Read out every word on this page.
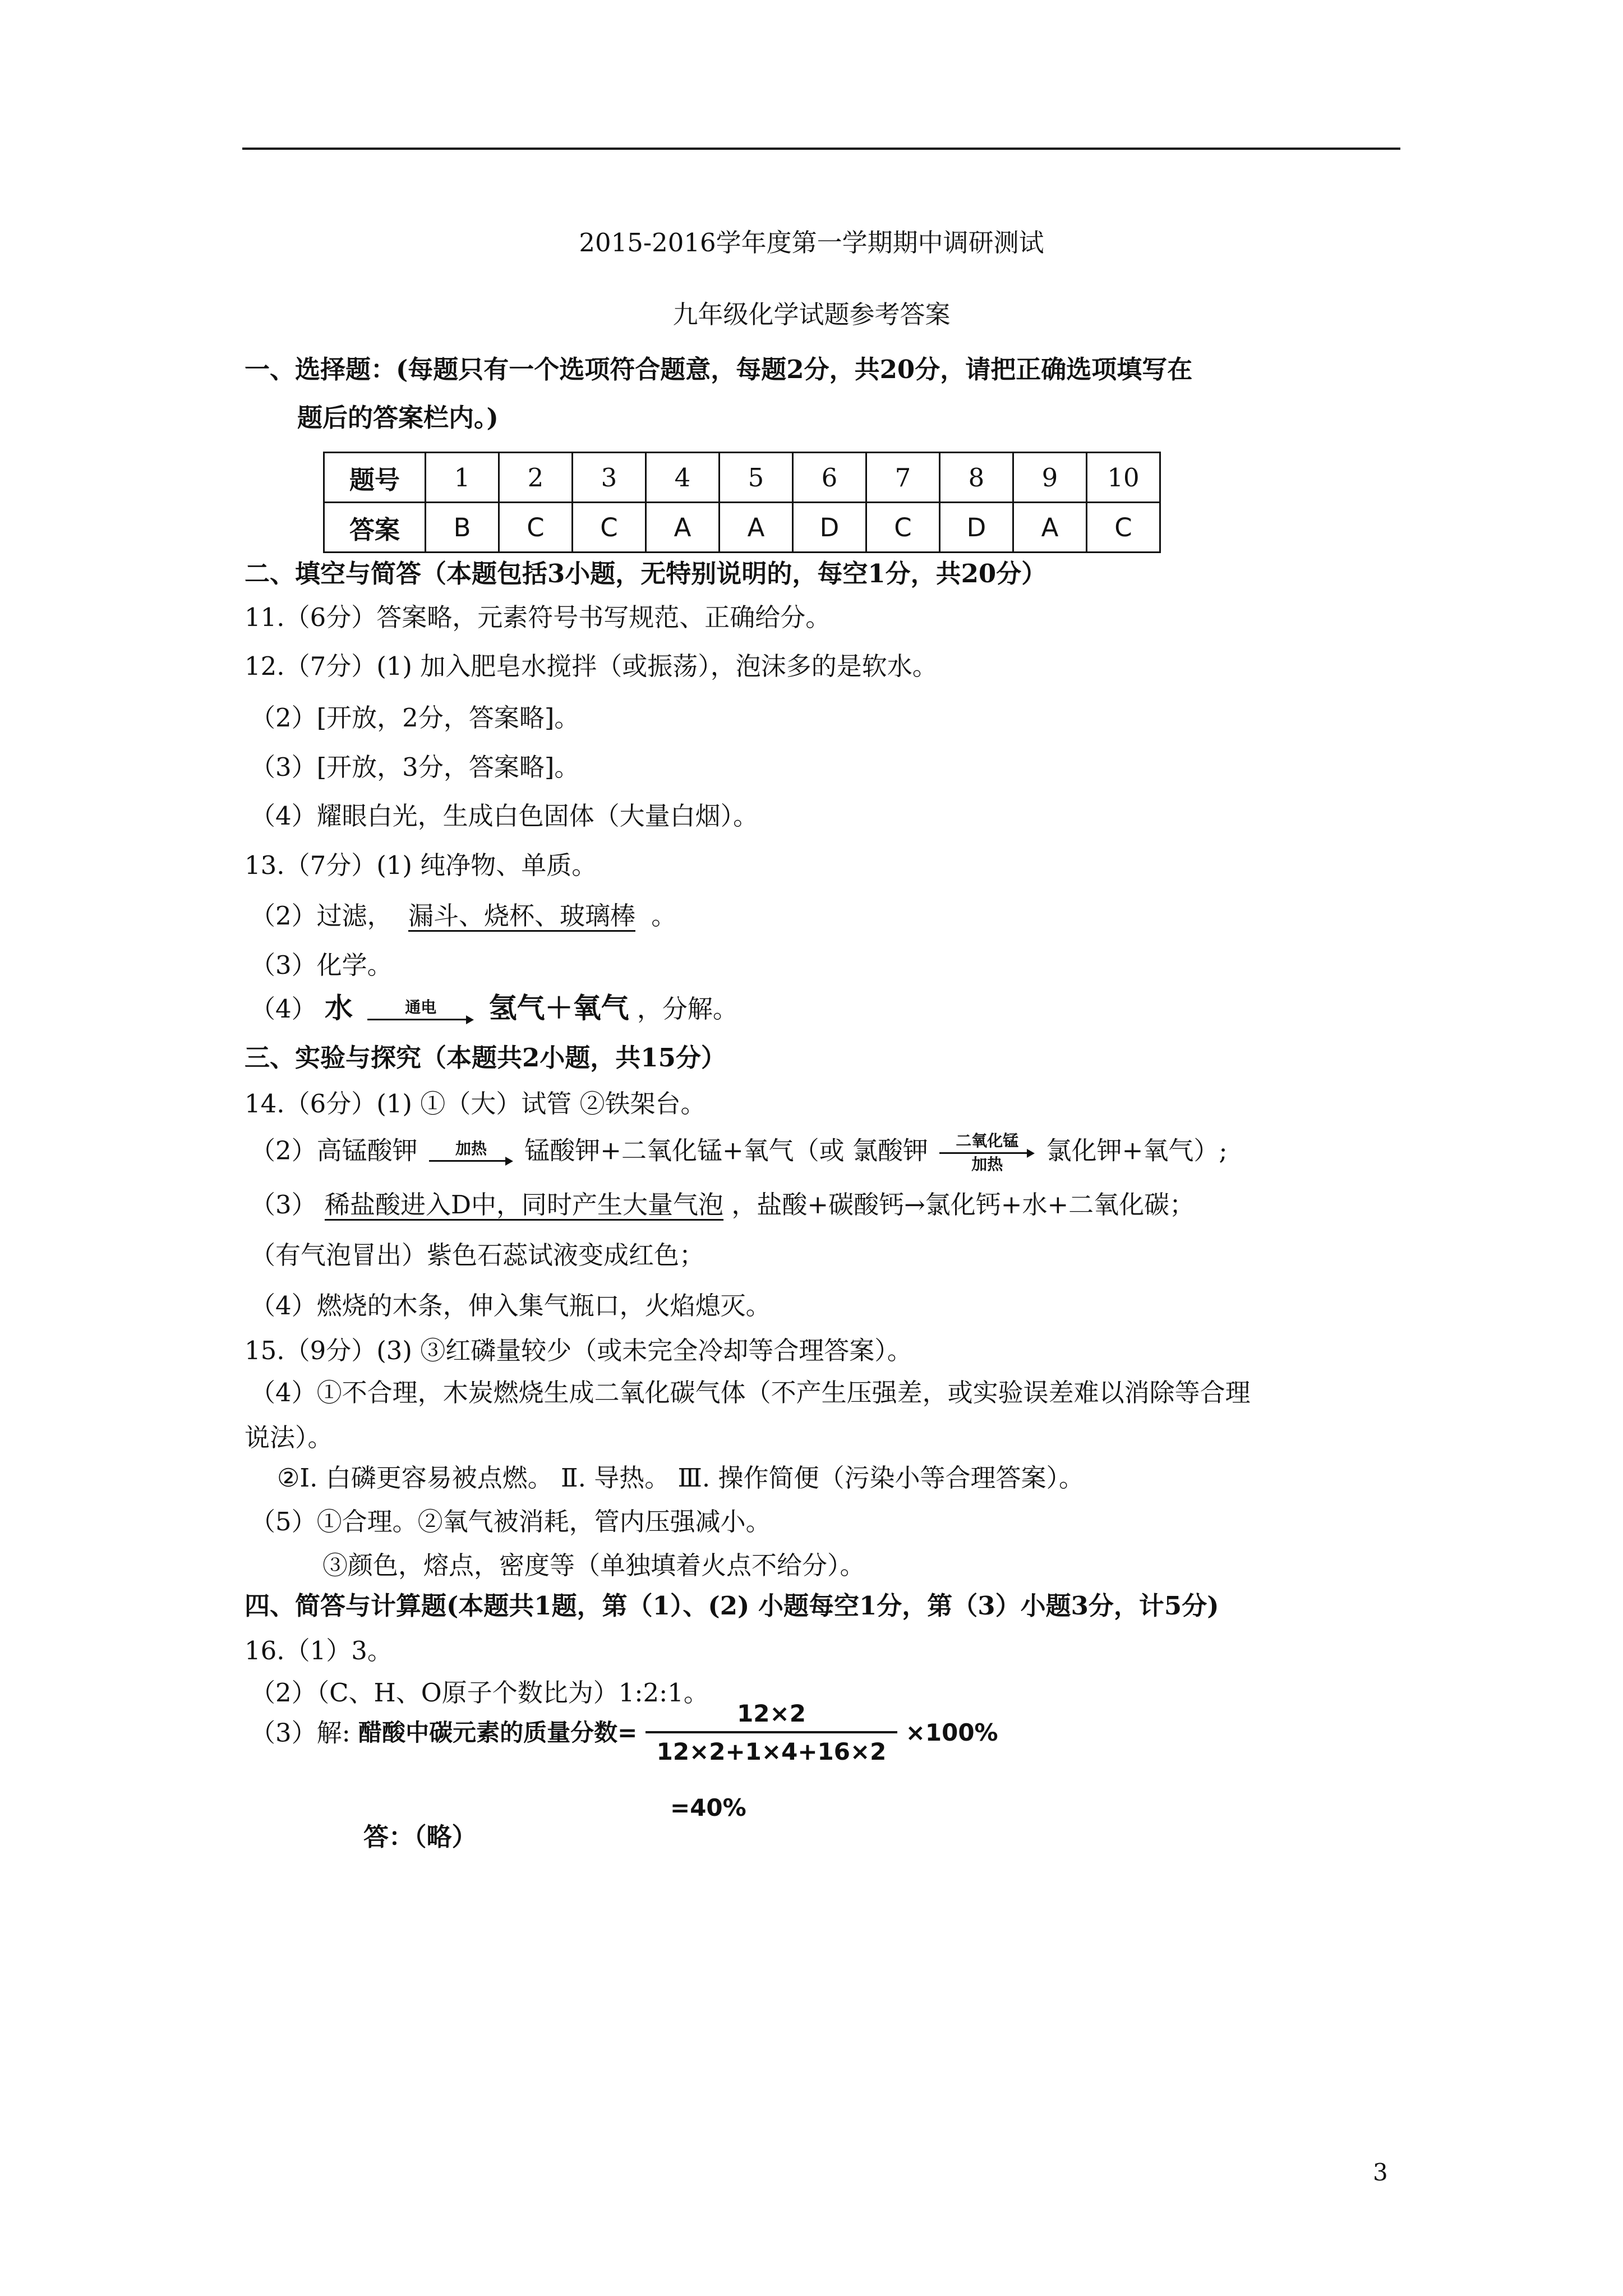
2015-2016学年度第一学期期中调研测试
九年级化学试题参考答案
一、选择题：(每题只有一个选项符合题意，每题2分，共20分，请把正确选项填写在
题后的答案栏内。)
题号	1	2	3	4	5	6	7	8	9	10
答案	B	C	C	A	A	D	C	D	A	C
二、填空与简答（本题包括3小题，无特别说明的，每空1分，共20分）
11.（6分）答案略，元素符号书写规范、正确给分。
12.（7分）(1) 加入肥皂水搅拌（或振荡），泡沫多的是软水。
（2）[开放，2分，答案略]。
（3）[开放，3分，答案略]。
（4）耀眼白光，生成白色固体（大量白烟）。
13.（7分）(1) 纯净物、单质。
（2）过滤， 漏斗、烧杯、玻璃棒 。
（3）化学。
（4） 水	通电	氢气＋氧气 ，分解。
三、实验与探究（本题共2小题，共15分）
14.（6分）(1) ①（大）试管 ②铁架台。
（2）高锰酸钾	加热	锰酸钾+二氧化锰+氧气（或 氯酸钾	二氧化锰
加热	氯化钾+氧气）;
（3） 稀盐酸进入D中，同时产生大量气泡 ，盐酸+碳酸钙→氯化钙+水+二氧化碳；
（有气泡冒出）紫色石蕊试液变成红色；
（4）燃烧的木条，伸入集气瓶口，火焰熄灭。
15.（9分）(3) ③红磷量较少（或未完全冷却等合理答案）。
（4）①不合理，木炭燃烧生成二氧化碳气体（不产生压强差，或实验误差难以消除等合理
说法）。
②Ⅰ. 白磷更容易被点燃。 Ⅱ. 导热。 Ⅲ. 操作简便（污染小等合理答案）。
（5）①合理。②氧气被消耗，管内压强减小。
③颜色，熔点，密度等（单独填着火点不给分）。
四、简答与计算题(本题共1题，第（1）、(2) 小题每空1分，第（3）小题3分，计5分)
16.（1）3。
（2）（C、H、O原子个数比为）1:2:1。
（3）解: 醋酸中碳元素的质量分数= $\frac{12\times 2}{12\times 2+1\times 4+16\times 2} \times 100\%$
=40%
答：（略）
3
